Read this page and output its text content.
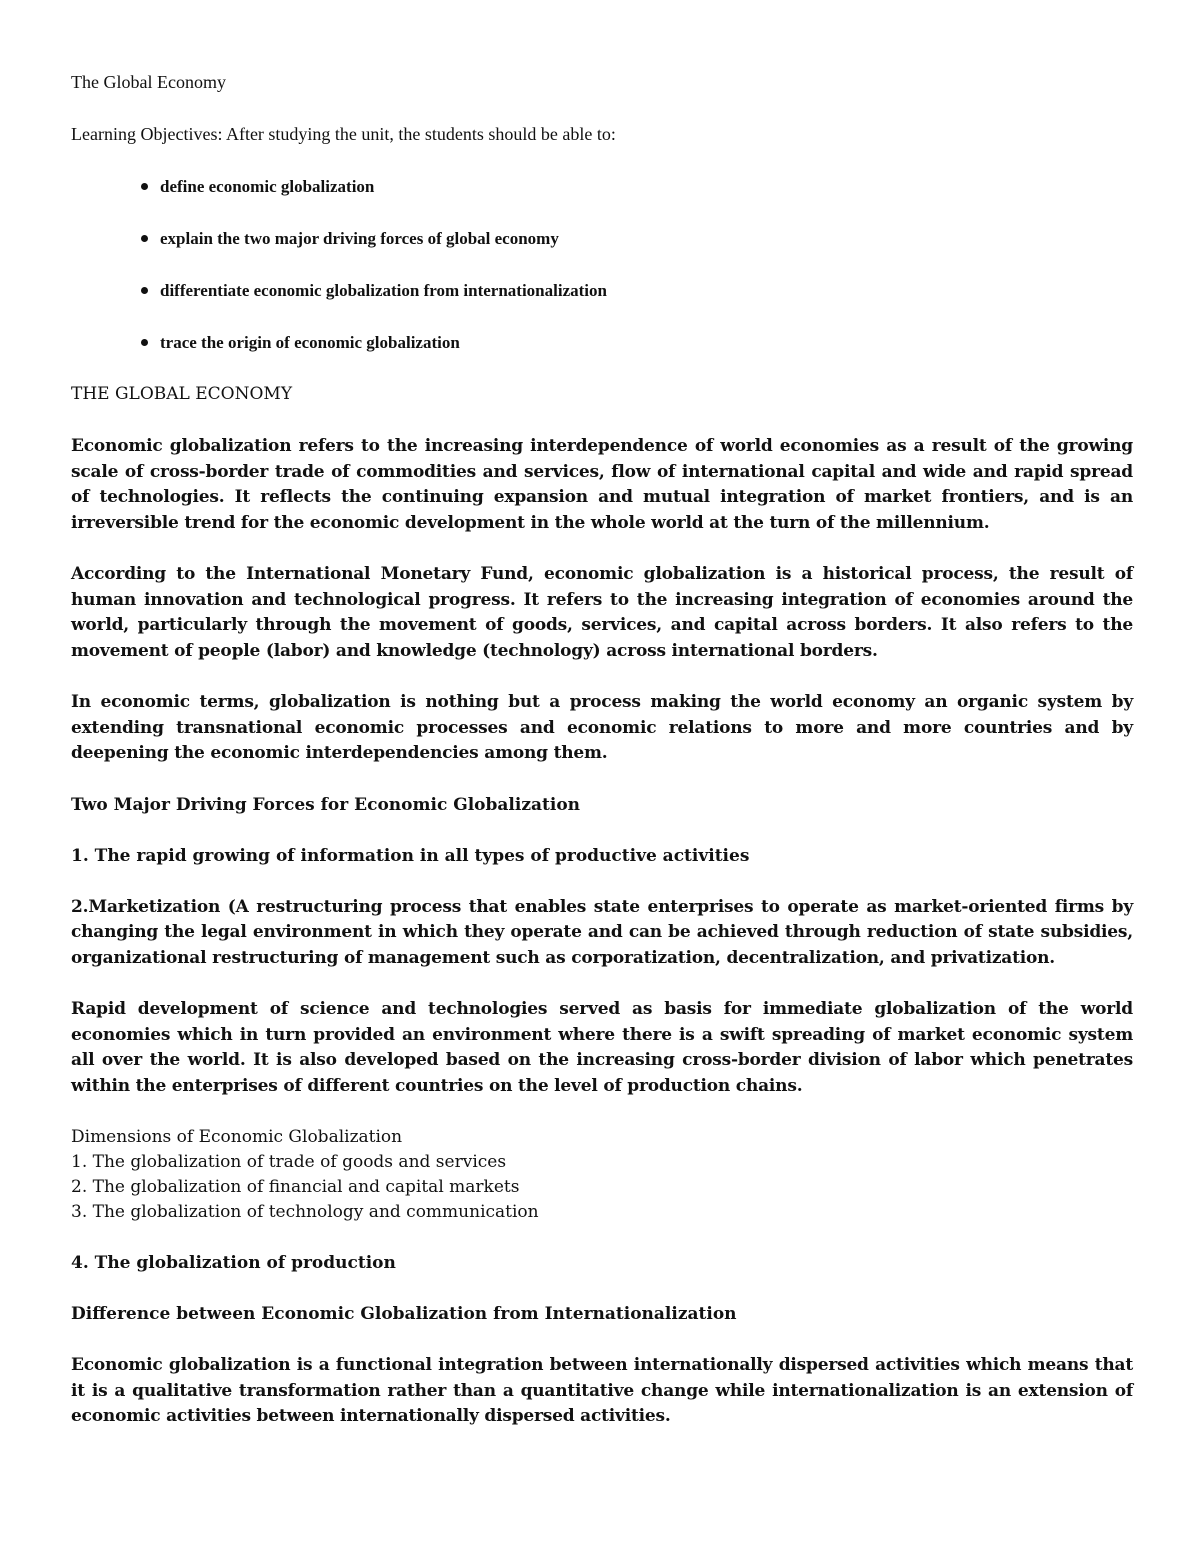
The Global Economy

Learning Objectives: After studying the unit, the students should be able to:

define economic globalization
explain the two major driving forces of global economy
differentiate economic globalization from internationalization
trace the origin of economic globalization

THE GLOBAL ECONOMY

Economic globalization refers to the increasing interdependence of world economies as a result of the growing scale of cross-border trade of commodities and services, flow of international capital and wide and rapid spread of technologies. It reflects the continuing expansion and mutual integration of market frontiers, and is an irreversible trend for the economic development in the whole world at the turn of the millennium.

According to the International Monetary Fund, economic globalization is a historical process, the result of human innovation and technological progress. It refers to the increasing integration of economies around the world, particularly through the movement of goods, services, and capital across borders. It also refers to the movement of people (labor) and knowledge (technology) across international borders.

In economic terms, globalization is nothing but a process making the world economy an organic system by extending transnational economic processes and economic relations to more and more countries and by deepening the economic interdependencies among them.

Two Major Driving Forces for Economic Globalization

1. The rapid growing of information in all types of productive activities

2.Marketization (A restructuring process that enables state enterprises to operate as market-oriented firms by changing the legal environment in which they operate and can be achieved through reduction of state subsidies, organizational restructuring of management such as corporatization, decentralization, and privatization.

Rapid development of science and technologies served as basis for immediate globalization of the world economies which in turn provided an environment where there is a swift spreading of market economic system all over the world. It is also developed based on the increasing cross-border division of labor which penetrates within the enterprises of different countries on the level of production chains.

Dimensions of Economic Globalization

1. The globalization of trade of goods and services

2. The globalization of financial and capital markets

3. The globalization of technology and communication

4. The globalization of production

Difference between Economic Globalization from Internationalization

Economic globalization is a functional integration between internationally dispersed activities which means that it is a qualitative transformation rather than a quantitative change while internationalization is an extension of economic activities between internationally dispersed activities.
